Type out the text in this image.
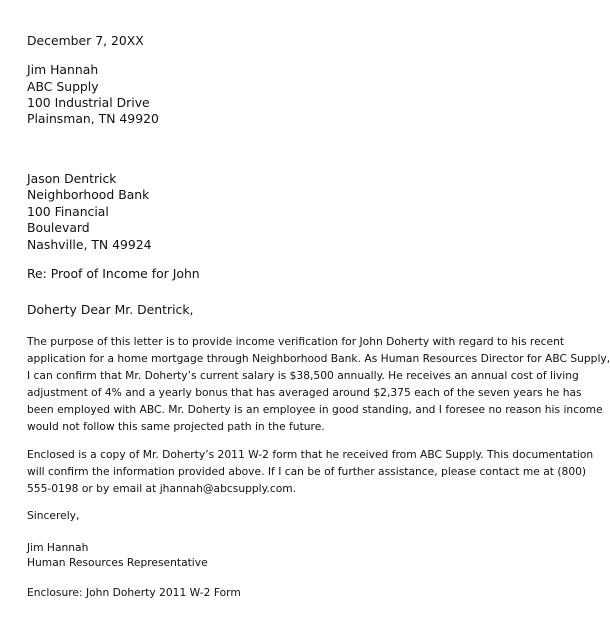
December 7, 20XX
Jim Hannah
ABC Supply
100 Industrial Drive
Plainsman, TN 49920
Jason Dentrick
Neighborhood Bank
100 Financial
Boulevard
Nashville, TN 49924
Re: Proof of Income for John
Doherty Dear Mr. Dentrick,
The purpose of this letter is to provide income verification for John Doherty with regard to his recent
application for a home mortgage through Neighborhood Bank. As Human Resources Director for ABC Supply,
I can confirm that Mr. Doherty’s current salary is $38,500 annually. He receives an annual cost of living
adjustment of 4% and a yearly bonus that has averaged around $2,375 each of the seven years he has
been employed with ABC. Mr. Doherty is an employee in good standing, and I foresee no reason his income
would not follow this same projected path in the future.
Enclosed is a copy of Mr. Doherty’s 2011 W-2 form that he received from ABC Supply. This documentation
will confirm the information provided above. If I can be of further assistance, please contact me at (800)
555-0198 or by email at jhannah@abcsupply.com.
Sincerely,
Jim Hannah
Human Resources Representative
Enclosure: John Doherty 2011 W-2 Form
